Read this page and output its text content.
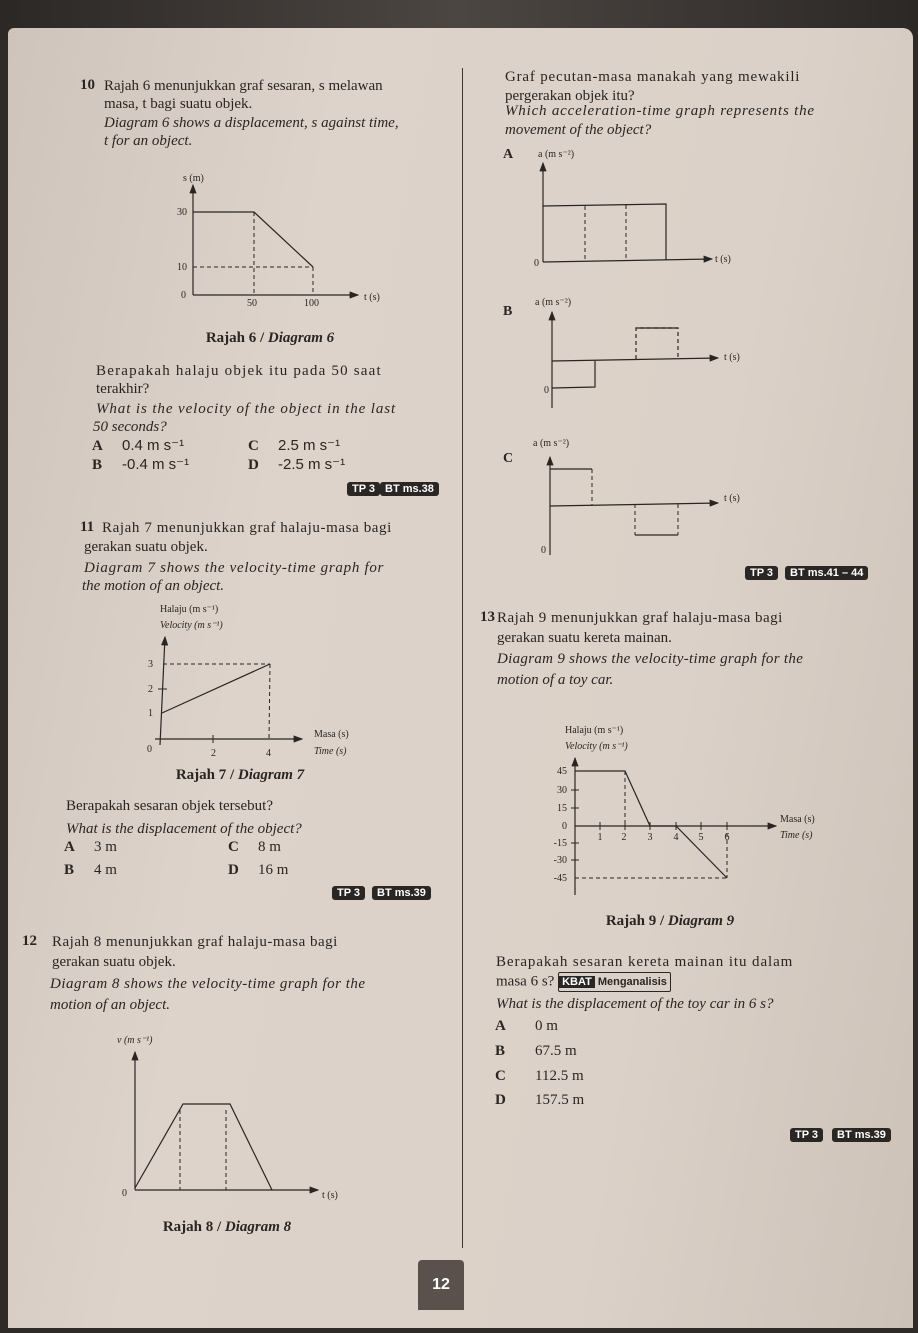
10 Rajah 6 menunjukkan graf sesaran, s melawan
masa, t bagi suatu objek.
Diagram 6 shows a displacement, s against time,
t for an object.
s (m)
30
10
0
50	100
t (s)
Rajah 6 / Diagram 6
Berapakah halaju objek itu pada 50 saat
terakhir?
What is the velocity of the object in the last
50 seconds?
A 0.4 m s⁻¹
B -0.4 m s⁻¹
C 2.5 m s⁻¹
D -2.5 m s⁻¹
TP 3 BT ms.38
Graf pecutan-masa manakah yang mewakili
pergerakan objek itu?
Which acceleration-time graph represents the
movement of the object?
A a (m s⁻²)
0	t (s)
B
a (m s⁻²)
0
t (s)
C
a (m s⁻²)
0
t (s)
TP 3	BT ms.41 – 44
11 Rajah 7 menunjukkan graf halaju-masa bagi
gerakan suatu objek.
Diagram 7 shows the velocity-time graph for
the motion of an object.
Halaju (m s⁻¹)
Velocity (m s⁻¹)
3
2
1
0	2	4
Masa (s)
Time (s)
Rajah 7 / Diagram 7
Berapakah sesaran objek tersebut?
What is the displacement of the object?
A 3 m
B 4 m
C 8 m
D 16 m
TP 3	BT ms.39
12 Rajah 8 menunjukkan graf halaju-masa bagi
gerakan suatu objek.
Diagram 8 shows the velocity-time graph for the
motion of an object.
v (m s⁻¹)
0	t (s)
Rajah 8 / Diagram 8
13 Rajah 9 menunjukkan graf halaju-masa bagi
gerakan suatu kereta mainan.
Diagram 9 shows the velocity-time graph for the
motion of a toy car.
Halaju (m s⁻¹)
Velocity (m s⁻¹)
45
30
15
0
-15
-30
-45
1 2 3 4 5 6
Masa (s)
Time (s)
Rajah 9 / Diagram 9
Berapakah sesaran kereta mainan itu dalam
masa 6 s? KBAT Menganalisis
What is the displacement of the toy car in 6 s?
A 0 m
B 67.5 m
C 112.5 m
D 157.5 m
TP 3	BT ms.39
12
